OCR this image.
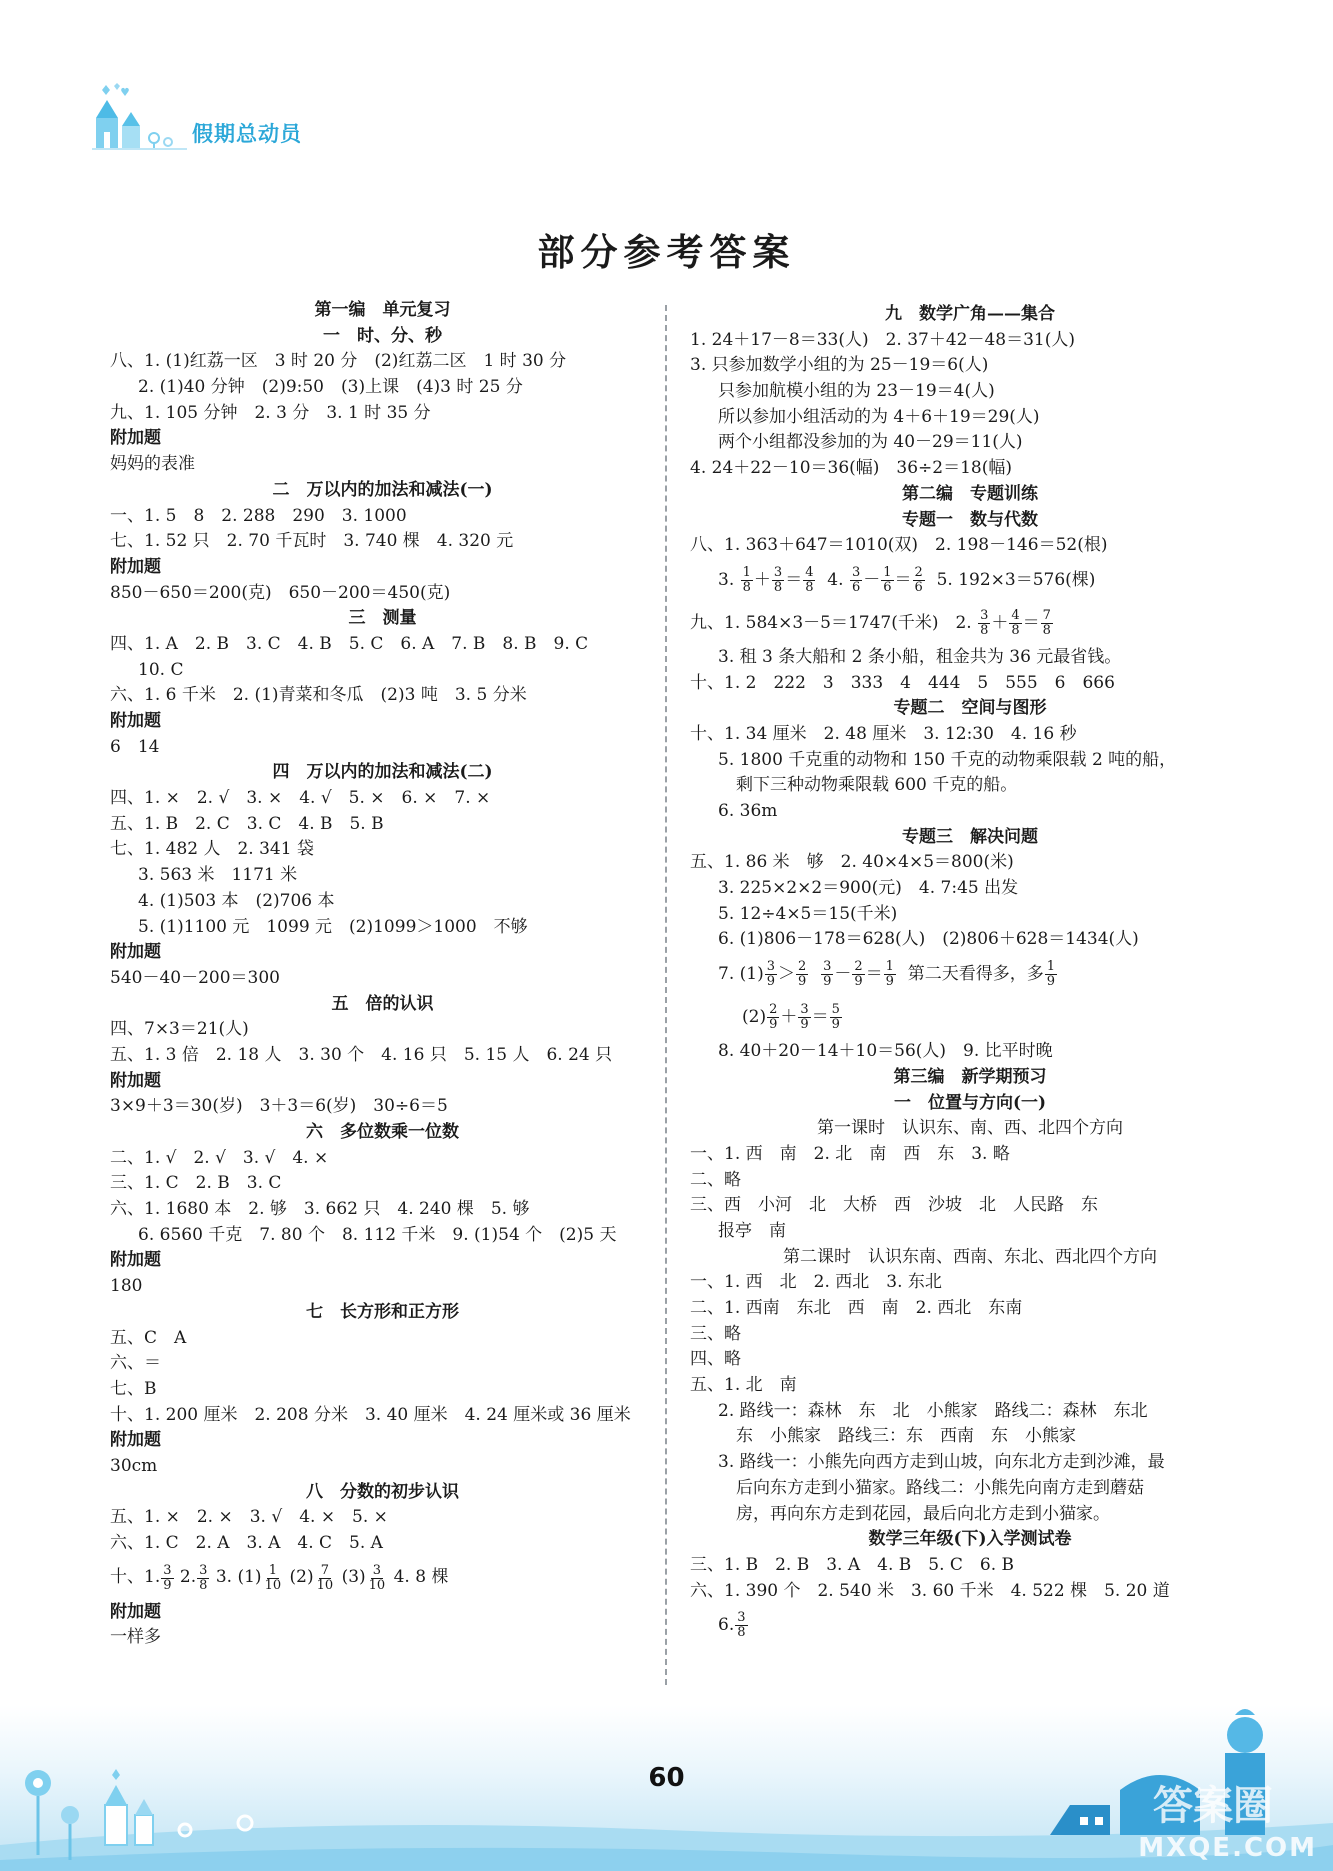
假期总动员
部分参考答案
第一编　单元复习
一　时、分、秒
八、1. (1)红荔一区　3 时 20 分　(2)红荔二区　1 时 30 分
2. (1)40 分钟　(2)9:50　(3)上课　(4)3 时 25 分
九、1. 105 分钟　2. 3 分　3. 1 时 35 分
附加题
妈妈的表准
二　万以内的加法和减法(一)
一、1. 5　8　2. 288　290　3. 1000
七、1. 52 只　2. 70 千瓦时　3. 740 棵　4. 320 元
附加题
850－650＝200(克)　650－200＝450(克)
三　测量
四、1. A　2. B　3. C　4. B　5. C　6. A　7. B　8. B　9. C
10. C
六、1. 6 千米　2. (1)青菜和冬瓜　(2)3 吨　3. 5 分米
附加题
6　14
四　万以内的加法和减法(二)
四、1. ×　2. √　3. ×　4. √　5. ×　6. ×　7. ×
五、1. B　2. C　3. C　4. B　5. B
七、1. 482 人　2. 341 袋
3. 563 米　1171 米
4. (1)503 本　(2)706 本
5. (1)1100 元　1099 元　(2)1099＞1000　不够
附加题
540－40－200＝300
五　倍的认识
四、7×3＝21(人)
五、1. 3 倍　2. 18 人　3. 30 个　4. 16 只　5. 15 人　6. 24 只
附加题
3×9＋3＝30(岁)　3＋3＝6(岁)　30÷6＝5
六　多位数乘一位数
二、1. √　2. √　3. √　4. ×
三、1. C　2. B　3. C
六、1. 1680 本　2. 够　3. 662 只　4. 240 棵　5. 够
6. 6560 千克　7. 80 个　8. 112 千米　9. (1)54 个　(2)5 天
附加题
180
七　长方形和正方形
五、C　A
六、＝
七、B
十、1. 200 厘米　2. 208 分米　3. 40 厘米　4. 24 厘米或 36 厘米
附加题
30cm
八　分数的初步认识
五、1. ×　2. ×　3. √　4. ×　5. ×
六、1. C　2. A　3. A　4. C　5. A
十、1. 3
9
2. 3
8
3. (1) 1
10
(2) 7
10
(3) 3
10
4. 8 棵
附加题
一样多
九　数学广角——集合
1. 24＋17－8＝33(人)　2. 37＋42－48＝31(人)
3. 只参加数学小组的为 25－19＝6(人)
只参加航模小组的为 23－19＝4(人)
所以参加小组活动的为 4＋6＋19＝29(人)
两个小组都没参加的为 40－29＝11(人)
4. 24＋22－10＝36(幅)　36÷2＝18(幅)
第二编　专题训练
专题一　数与代数
八、1. 363＋647＝1010(双)　2. 198－146＝52(根)
3.
1
8 ＋ 3
8 ＝ 4
8
4.
3
6 － 1
6 ＝ 2
6
5. 192×3＝576(棵)
九、1. 584×3－5＝1747(千米)　2.
3
8 ＋ 4
8 ＝ 7
8
3. 租 3 条大船和 2 条小船，租金共为 36 元最省钱。
十、1. 2　222　3　333　4　444　5　555　6　666
专题二　空间与图形
十、1. 34 厘米　2. 48 厘米　3. 12:30　4. 16 秒
5. 1800 千克重的动物和 150 千克的动物乘限载 2 吨的船，
剩下三种动物乘限载 600 千克的船。
6. 36m
专题三　解决问题
五、1. 86 米　够　2. 40×4×5＝800(米)
3. 225×2×2＝900(元)　4. 7:45 出发
5. 12÷4×5＝15(千米)
6. (1)806－178＝628(人)　(2)806＋628＝1434(人)
7. (1) 3
9 ＞ 2
9

3
9 － 2
9 ＝ 1
9
第二天看得多，多 1
9
(2) 2
9 ＋ 3
9 ＝ 5
9
8. 40＋20－14＋10＝56(人)　9. 比平时晚
第三编　新学期预习
一　位置与方向(一)
第一课时　认识东、南、西、北四个方向
一、1. 西　南　2. 北　南　西　东　3. 略
二、略
三、西　小河　北　大桥　西　沙坡　北　人民路　东
报亭　南
第二课时　认识东南、西南、东北、西北四个方向
一、1. 西　北　2. 西北　3. 东北
二、1. 西南　东北　西　南　2. 西北　东南
三、略
四、略
五、1. 北　南
2. 路线一：森林　东　北　小熊家　路线二：森林　东北
东　小熊家　路线三：东　西南　东　小熊家
3. 路线一：小熊先向西方走到山坡，向东北方走到沙滩，最
后向东方走到小猫家。路线二：小熊先向南方走到蘑菇
房，再向东方走到花园，最后向北方走到小猫家。
数学三年级(下)入学测试卷
三、1. B　2. B　3. A　4. B　5. C　6. B
六、1. 390 个　2. 540 米　3. 60 千米　4. 522 棵　5. 20 道
6. 3
8
答案圈
MXQE.COM
60
